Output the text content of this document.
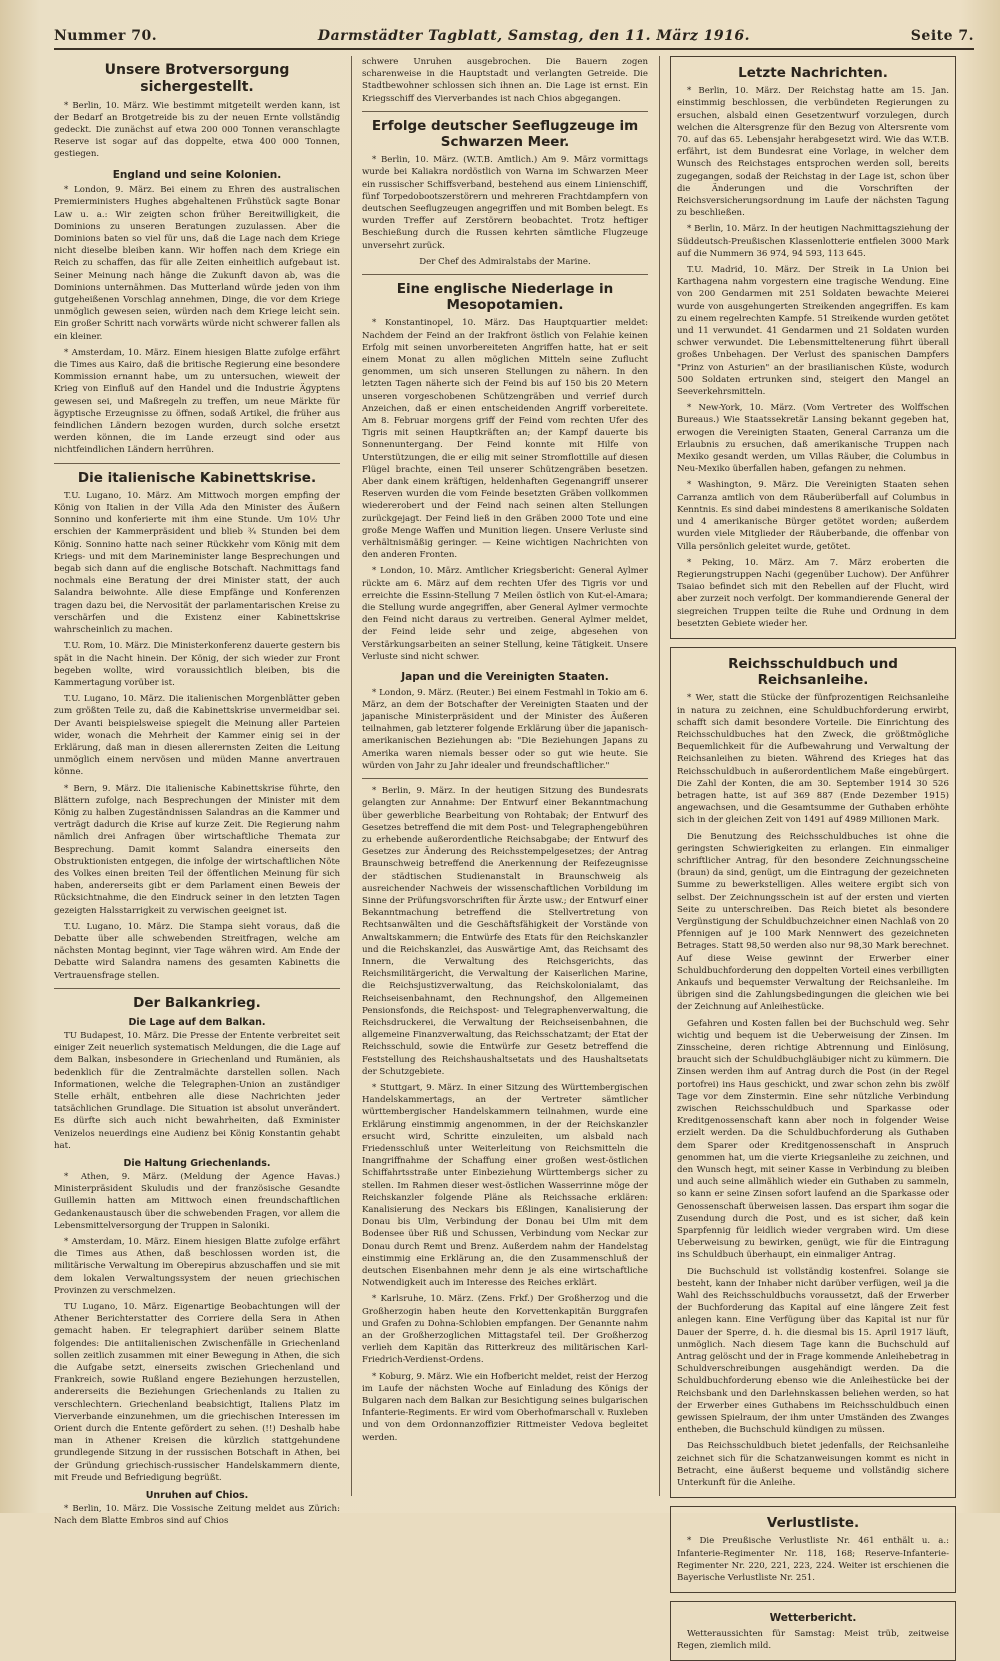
Nummer 70.	Darmstädter Tagblatt, Samstag, den 11. März 1916.	Seite 7.
Unsere Brotversorgung sichergestellt.

* Berlin, 10. März. Wie bestimmt mitgeteilt werden kann, ist der Bedarf an Brotgetreide bis zu der neuen Ernte vollständig gedeckt. Die zunächst auf etwa 200 000 Tonnen veranschlagte Reserve ist sogar auf das doppelte, etwa 400 000 Tonnen, gestiegen.

England und seine Kolonien.

* London, 9. März. Bei einem zu Ehren des australischen Premierministers Hughes abgehaltenen Frühstück sagte Bonar Law u. a.: Wir zeigten schon früher Bereitwilligkeit, die Dominions zu unseren Beratungen zuzulassen. Aber die Dominions baten so viel für uns, daß die Lage nach dem Kriege nicht dieselbe bleiben kann. Wir hoffen nach dem Kriege ein Reich zu schaffen, das für alle Zeiten einheitlich aufgebaut ist. Seiner Meinung nach hänge die Zukunft davon ab, was die Dominions unternähmen. Das Mutterland würde jeden von ihm gutgeheißenen Vorschlag annehmen, Dinge, die vor dem Kriege unmöglich gewesen seien, würden nach dem Kriege leicht sein. Ein großer Schritt nach vorwärts würde nicht schwerer fallen als ein kleiner.

* Amsterdam, 10. März. Einem hiesigen Blatte zufolge erfährt die Times aus Kairo, daß die britische Regierung eine besondere Kommission ernannt habe, um zu untersuchen, wieweit der Krieg von Einfluß auf den Handel und die Industrie Ägyptens gewesen sei, und Maßregeln zu treffen, um neue Märkte für ägyptische Erzeugnisse zu öffnen, sodaß Artikel, die früher aus feindlichen Ländern bezogen wurden, durch solche ersetzt werden können, die im Lande erzeugt sind oder aus nichtfeindlichen Ländern herrühren.

Die italienische Kabinettskrise.

T.U. Lugano, 10. März. Am Mittwoch morgen empfing der König von Italien in der Villa Ada den Minister des Äußern Sonnino und konferierte mit ihm eine Stunde. Um 10½ Uhr erschien der Kammerpräsident und blieb ¾ Stunden bei dem König. Sonnino hatte nach seiner Rückkehr vom König mit dem Kriegs- und mit dem Marineminister lange Besprechungen und begab sich dann auf die englische Botschaft. Nachmittags fand nochmals eine Beratung der drei Minister statt, der auch Salandra beiwohnte. Alle diese Empfänge und Konferenzen tragen dazu bei, die Nervosität der parlamentarischen Kreise zu verschärfen und die Existenz einer Kabinettskrise wahrscheinlich zu machen.

T.U. Rom, 10. März. Die Ministerkonferenz dauerte gestern bis spät in die Nacht hinein. Der König, der sich wieder zur Front begeben wollte, wird voraussichtlich bleiben, bis die Kammertagung vorüber ist.

T.U. Lugano, 10. März. Die italienischen Morgenblätter geben zum größten Teile zu, daß die Kabinettskrise unvermeidbar sei. Der Avanti beispielsweise spiegelt die Meinung aller Parteien wider, wonach die Mehrheit der Kammer einig sei in der Erklärung, daß man in diesen allerernsten Zeiten die Leitung unmöglich einem nervösen und müden Manne anvertrauen könne.

* Bern, 9. März. Die italienische Kabinettskrise führte, den Blättern zufolge, nach Besprechungen der Minister mit dem König zu halben Zugeständnissen Salandras an die Kammer und verträgt dadurch die Krise auf kurze Zeit. Die Regierung nahm nämlich drei Anfragen über wirtschaftliche Themata zur Besprechung. Damit kommt Salandra einerseits den Obstruktionisten entgegen, die infolge der wirtschaftlichen Nöte des Volkes einen breiten Teil der öffentlichen Meinung für sich haben, andererseits gibt er dem Parlament einen Beweis der Rücksichtnahme, die den Eindruck seiner in den letzten Tagen gezeigten Halsstarrigkeit zu verwischen geeignet ist.

T.U. Lugano, 10. März. Die Stampa sieht voraus, daß die Debatte über alle schwebenden Streitfragen, welche am nächsten Montag beginnt, vier Tage währen wird. Am Ende der Debatte wird Salandra namens des gesamten Kabinetts die Vertrauensfrage stellen.

Der Balkankrieg.
Die Lage auf dem Balkan.

TU Budapest, 10. März. Die Presse der Entente verbreitet seit einiger Zeit neuerlich systematisch Meldungen, die die Lage auf dem Balkan, insbesondere in Griechenland und Rumänien, als bedenklich für die Zentralmächte darstellen sollen. Nach Informationen, welche die Telegraphen-Union an zuständiger Stelle erhält, entbehren alle diese Nachrichten jeder tatsächlichen Grundlage. Die Situation ist absolut unverändert. Es dürfte sich auch nicht bewahrheiten, daß Exminister Venizelos neuerdings eine Audienz bei König Konstantin gehabt hat.

Die Haltung Griechenlands.

* Athen, 9. März. (Meldung der Agence Havas.) Ministerpräsident Skuludis und der französische Gesandte Guillemin hatten am Mittwoch einen freundschaftlichen Gedankenaustausch über die schwebenden Fragen, vor allem die Lebensmittelversorgung der Truppen in Saloniki.

* Amsterdam, 10. März. Einem hiesigen Blatte zufolge erfährt die Times aus Athen, daß beschlossen worden ist, die militärische Verwaltung im Oberepirus abzuschaffen und sie mit dem lokalen Verwaltungssystem der neuen griechischen Provinzen zu verschmelzen.

TU Lugano, 10. März. Eigenartige Beobachtungen will der Athener Berichterstatter des Corriere della Sera in Athen gemacht haben. Er telegraphiert darüber seinem Blatte folgendes: Die antiitalienischen Zwischenfälle in Griechenland sollen zeitlich zusammen mit einer Bewegung in Athen, die sich die Aufgabe setzt, einerseits zwischen Griechenland und Frankreich, sowie Rußland engere Beziehungen herzustellen, andererseits die Beziehungen Griechenlands zu Italien zu verschlechtern. Griechenland beabsichtigt, Italiens Platz im Vierverbande einzunehmen, um die griechischen Interessen im Orient durch die Entente gefördert zu sehen. (!!) Deshalb habe man in Athener Kreisen die kürzlich stattgehundene grundlegende Sitzung in der russischen Botschaft in Athen, bei der Gründung griechisch-russischer Handelskammern diente, mit Freude und Befriedigung begrüßt.

Unruhen auf Chios.

* Berlin, 10. März. Die Vossische Zeitung meldet aus Zürich: Nach dem Blatte Embros sind auf Chios

schwere Unruhen ausgebrochen. Die Bauern zogen scharenweise in die Hauptstadt und verlangten Getreide. Die Stadtbewohner schlossen sich ihnen an. Die Lage ist ernst. Ein Kriegsschiff des Vierverbandes ist nach Chios abgegangen.

Erfolge deutscher Seeflugzeuge im Schwarzen Meer.

* Berlin, 10. März. (W.T.B. Amtlich.) Am 9. März vormittags wurde bei Kaliakra nordöstlich von Warna im Schwarzen Meer ein russischer Schiffsverband, bestehend aus einem Linienschiff, fünf Torpedobootszerstörern und mehreren Frachtdampfern von deutschen Seeflugzeugen angegriffen und mit Bomben belegt. Es wurden Treffer auf Zerstörern beobachtet. Trotz heftiger Beschießung durch die Russen kehrten sämtliche Flugzeuge unversehrt zurück.

Der Chef des Admiralstabs der Marine.

Eine englische Niederlage in Mesopotamien.

* Konstantinopel, 10. März. Das Hauptquartier meldet: Nachdem der Feind an der Irakfront östlich von Felahie keinen Erfolg mit seinen unvorbereiteten Angriffen hatte, hat er seit einem Monat zu allen möglichen Mitteln seine Zuflucht genommen, um sich unseren Stellungen zu nähern. In den letzten Tagen näherte sich der Feind bis auf 150 bis 20 Metern unseren vorgeschobenen Schützengräben und verrief durch Anzeichen, daß er einen entscheidenden Angriff vorbereitete. Am 8. Februar morgens griff der Feind vom rechten Ufer des Tigris mit seinen Hauptkräften an; der Kampf dauerte bis Sonnenuntergang. Der Feind konnte mit Hilfe von Unterstützungen, die er eilig mit seiner Stromflottille auf diesen Flügel brachte, einen Teil unserer Schützengräben besetzen. Aber dank einem kräftigen, heldenhaften Gegenangriff unserer Reserven wurden die vom Feinde besetzten Gräben vollkommen wiedererobert und der Feind nach seinen alten Stellungen zurückgejagt. Der Feind ließ in den Gräben 2000 Tote und eine große Menge Waffen und Munition liegen. Unsere Verluste sind verhältnismäßig geringer. — Keine wichtigen Nachrichten von den anderen Fronten.

* London, 10. März. Amtlicher Kriegsbericht: General Aylmer rückte am 6. März auf dem rechten Ufer des Tigris vor und erreichte die Essinn-Stellung 7 Meilen östlich von Kut-el-Amara; die Stellung wurde angegriffen, aber General Aylmer vermochte den Feind nicht daraus zu vertreiben. General Aylmer meldet, der Feind leide sehr und zeige, abgesehen von Verstärkungsarbeiten an seiner Stellung, keine Tätigkeit. Unsere Verluste sind nicht schwer.

Japan und die Vereinigten Staaten.

* London, 9. März. (Reuter.) Bei einem Festmahl in Tokio am 6. März, an dem der Botschafter der Vereinigten Staaten und der japanische Ministerpräsident und der Minister des Äußeren teilnahmen, gab letzterer folgende Erklärung über die japanisch-amerikanischen Beziehungen ab: "Die Beziehungen Japans zu Amerika waren niemals besser oder so gut wie heute. Sie würden von Jahr zu Jahr idealer und freundschaftlicher."

* Berlin, 9. März. In der heutigen Sitzung des Bundesrats gelangten zur Annahme: Der Entwurf einer Bekanntmachung über gewerbliche Bearbeitung von Rohtabak; der Entwurf des Gesetzes betreffend die mit dem Post- und Telegraphengebühren zu erhebende außerordentliche Reichsabgabe; der Entwurf des Gesetzes zur Änderung des Reichsstempelgesetzes; der Antrag Braunschweig betreffend die Anerkennung der Reifezeugnisse der städtischen Studienanstalt in Braunschweig als ausreichender Nachweis der wissenschaftlichen Vorbildung im Sinne der Prüfungsvorschriften für Ärzte usw.; der Entwurf einer Bekanntmachung betreffend die Stellvertretung von Rechtsanwälten und die Geschäftsfähigkeit der Vorstände von Anwaltskammern; die Entwürfe des Etats für den Reichskanzler und die Reichskanzlei, das Auswärtige Amt, das Reichsamt des Innern, die Verwaltung des Reichsgerichts, das Reichsmilitärgericht, die Verwaltung der Kaiserlichen Marine, die Reichsjustizverwaltung, das Reichskolonialamt, das Reichseisenbahnamt, den Rechnungshof, den Allgemeinen Pensionsfonds, die Reichspost- und Telegraphenverwaltung, die Reichsdruckerei, die Verwaltung der Reichseisenbahnen, die allgemeine Finanzverwaltung, das Reichsschatzamt; der Etat der Reichsschuld, sowie die Entwürfe zur Gesetz betreffend die Feststellung des Reichshaushaltsetats und des Haushaltsetats der Schutzgebiete.

* Stuttgart, 9. März. In einer Sitzung des Württembergischen Handelskammertags, an der Vertreter sämtlicher württembergischer Handelskammern teilnahmen, wurde eine Erklärung einstimmig angenommen, in der der Reichskanzler ersucht wird, Schritte einzuleiten, um alsbald nach Friedensschluß unter Weiterleitung von Reichsmitteln die Inangriffnahme der Schaffung einer großen west-östlichen Schiffahrtsstraße unter Einbeziehung Württembergs sicher zu stellen. Im Rahmen dieser west-östlichen Wasserrinne möge der Reichskanzler folgende Pläne als Reichssache erklären: Kanalisierung des Neckars bis Eßlingen, Kanalisierung der Donau bis Ulm, Verbindung der Donau bei Ulm mit dem Bodensee über Riß und Schussen, Verbindung vom Neckar zur Donau durch Remt und Brenz. Außerdem nahm der Handelstag einstimmig eine Erklärung an, die den Zusammenschluß der deutschen Eisenbahnen mehr denn je als eine wirtschaftliche Notwendigkeit auch im Interesse des Reiches erklärt.

* Karlsruhe, 10. März. (Zens. Frkf.) Der Großherzog und die Großherzogin haben heute den Korvettenkapitän Burggrafen und Grafen zu Dohna-Schlobien empfangen. Der Genannte nahm an der Großherzoglichen Mittagstafel teil. Der Großherzog verlieh dem Kapitän das Ritterkreuz des militärischen Karl-Friedrich-Verdienst-Ordens.

* Koburg, 9. März. Wie ein Hofbericht meldet, reist der Herzog im Laufe der nächsten Woche auf Einladung des Königs der Bulgaren nach dem Balkan zur Besichtigung seines bulgarischen Infanterie-Regiments. Er wird vom Oberhofmarschall v. Ruxleben und von dem Ordonnanzoffizier Rittmeister Vedova begleitet werden.

Letzte Nachrichten.

* Berlin, 10. März. Der Reichstag hatte am 15. Jan. einstimmig beschlossen, die verbündeten Regierungen zu ersuchen, alsbald einen Gesetzentwurf vorzulegen, durch welchen die Altersgrenze für den Bezug von Altersrente vom 70. auf das 65. Lebensjahr herabgesetzt wird. Wie das W.T.B. erfährt, ist dem Bundesrat eine Vorlage, in welcher dem Wunsch des Reichstages entsprochen werden soll, bereits zugegangen, sodaß der Reichstag in der Lage ist, schon über die Änderungen und die Vorschriften der Reichsversicherungsordnung im Laufe der nächsten Tagung zu beschließen.

* Berlin, 10. März. In der heutigen Nachmittagsziehung der Süddeutsch-Preußischen Klassenlotterie entfielen 3000 Mark auf die Nummern 36 974, 94 593, 113 645.

T.U. Madrid, 10. März. Der Streik in La Union bei Karthagena nahm vorgestern eine tragische Wendung. Eine von 200 Gendarmen mit 251 Soldaten bewachte Meierei wurde von ausgehungerten Streikenden angegriffen. Es kam zu einem regelrechten Kampfe. 51 Streikende wurden getötet und 11 verwundet. 41 Gendarmen und 21 Soldaten wurden schwer verwundet. Die Lebensmitteltenerung führt überall großes Unbehagen. Der Verlust des spanischen Dampfers "Prinz von Asturien" an der brasilianischen Küste, wodurch 500 Soldaten ertrunken sind, steigert den Mangel an Seeverkehrsmitteln.

* New-York, 10. März. (Vom Vertreter des Wolffschen Bureaus.) Wie Staatssekretär Lansing bekannt gegeben hat, erwogen die Vereinigten Staaten, General Carranza um die Erlaubnis zu ersuchen, daß amerikanische Truppen nach Mexiko gesandt werden, um Villas Räuber, die Columbus in Neu-Mexiko überfallen haben, gefangen zu nehmen.

* Washington, 9. März. Die Vereinigten Staaten sehen Carranza amtlich von dem Räuberüberfall auf Columbus in Kenntnis. Es sind dabei mindestens 8 amerikanische Soldaten und 4 amerikanische Bürger getötet worden; außerdem wurden viele Mitglieder der Räuberbande, die offenbar von Villa persönlich geleitet wurde, getötet.

* Peking, 10. März. Am 7. März eroberten die Regierungstruppen Nachi (gegenüber Luchow). Der Anführer Tsaiao befindet sich mit den Rebellen auf der Flucht, wird aber zurzeit noch verfolgt. Der kommandierende General der siegreichen Truppen teilte die Ruhe und Ordnung in dem besetzten Gebiete wieder her.

Reichsschuldbuch und Reichsanleihe.

* Wer, statt die Stücke der fünfprozentigen Reichsanleihe in natura zu zeichnen, eine Schuldbuchforderung erwirbt, schafft sich damit besondere Vorteile. Die Einrichtung des Reichsschuldbuches hat den Zweck, die größtmögliche Bequemlichkeit für die Aufbewahrung und Verwaltung der Reichsanleihen zu bieten. Während des Krieges hat das Reichsschuldbuch in außerordentlichem Maße eingebürgert. Die Zahl der Konten, die am 30. September 1914 30 526 betragen hatte, ist auf 369 887 (Ende Dezember 1915) angewachsen, und die Gesamtsumme der Guthaben erhöhte sich in der gleichen Zeit von 1491 auf 4989 Millionen Mark.

Die Benutzung des Reichsschuldbuches ist ohne die geringsten Schwierigkeiten zu erlangen. Ein einmaliger schriftlicher Antrag, für den besondere Zeichnungsscheine (braun) da sind, genügt, um die Eintragung der gezeichneten Summe zu bewerkstelligen. Alles weitere ergibt sich von selbst. Der Zeichnungsschein ist auf der ersten und vierten Seite zu unterschreiben. Das Reich bietet als besondere Vergünstigung der Schuldbuchzeichner einen Nachlaß von 20 Pfennigen auf je 100 Mark Nennwert des gezeichneten Betrages. Statt 98,50 werden also nur 98,30 Mark berechnet. Auf diese Weise gewinnt der Erwerber einer Schuldbuchforderung den doppelten Vorteil eines verbilligten Ankaufs und bequemster Verwaltung der Reichsanleihe. Im übrigen sind die Zahlungsbedingungen die gleichen wie bei der Zeichnung auf Anleihestücke.

Gefahren und Kosten fallen bei der Buchschuld weg. Sehr wichtig und bequem ist die Ueberweisung der Zinsen. Im Zinsscheine, deren richtige Abtrennung und Einlösung, braucht sich der Schuldbuchgläubiger nicht zu kümmern. Die Zinsen werden ihm auf Antrag durch die Post (in der Regel portofrei) ins Haus geschickt, und zwar schon zehn bis zwölf Tage vor dem Zinstermin. Eine sehr nützliche Verbindung zwischen Reichsschuldbuch und Sparkasse oder Kreditgenossenschaft kann aber noch in folgender Weise erzielt werden. Da die Schuldbuchforderung als Guthaben dem Sparer oder Kreditgenossenschaft in Anspruch genommen hat, um die vierte Kriegsanleihe zu zeichnen, und den Wunsch hegt, mit seiner Kasse in Verbindung zu bleiben und auch seine allmählich wieder ein Guthaben zu sammeln, so kann er seine Zinsen sofort laufend an die Sparkasse oder Genossenschaft überweisen lassen. Das erspart ihm sogar die Zusendung durch die Post, und es ist sicher, daß kein Sparpfennig für leidlich wieder vergraben wird. Um diese Ueberweisung zu bewirken, genügt, wie für die Eintragung ins Schuldbuch überhaupt, ein einmaliger Antrag.

Die Buchschuld ist vollständig kostenfrei. Solange sie besteht, kann der Inhaber nicht darüber verfügen, weil ja die Wahl des Reichsschuldbuchs voraussetzt, daß der Erwerber der Buchforderung das Kapital auf eine längere Zeit fest anlegen kann. Eine Verfügung über das Kapital ist nur für Dauer der Sperre, d. h. die diesmal bis 15. April 1917 läuft, unmöglich. Nach diesem Tage kann die Buchschuld auf Antrag gelöscht und der in Frage kommende Anleihebetrag in Schuldverschreibungen ausgehändigt werden. Da die Schuldbuchforderung ebenso wie die Anleihestücke bei der Reichsbank und den Darlehnskassen beliehen werden, so hat der Erwerber eines Guthabens im Reichsschuldbuch einen gewissen Spielraum, der ihm unter Umständen des Zwanges entheben, die Buchschuld kündigen zu müssen.

Das Reichsschuldbuch bietet jedenfalls, der Reichsanleihe zeichnet sich für die Schatzanweisungen kommt es nicht in Betracht, eine äußerst bequeme und vollständig sichere Unterkunft für die Anleihe.

Verlustliste.

* Die Preußische Verlustliste Nr. 461 enthält u. a.: Infanterie-Regimenter Nr. 118, 168; Reserve-Infanterie-Regimenter Nr. 220, 221, 223, 224. Weiter ist erschienen die Bayerische Verlustliste Nr. 251.

Wetterbericht.

Wetteraussichten für Samstag: Meist trüb, zeitweise Regen, ziemlich mild.
